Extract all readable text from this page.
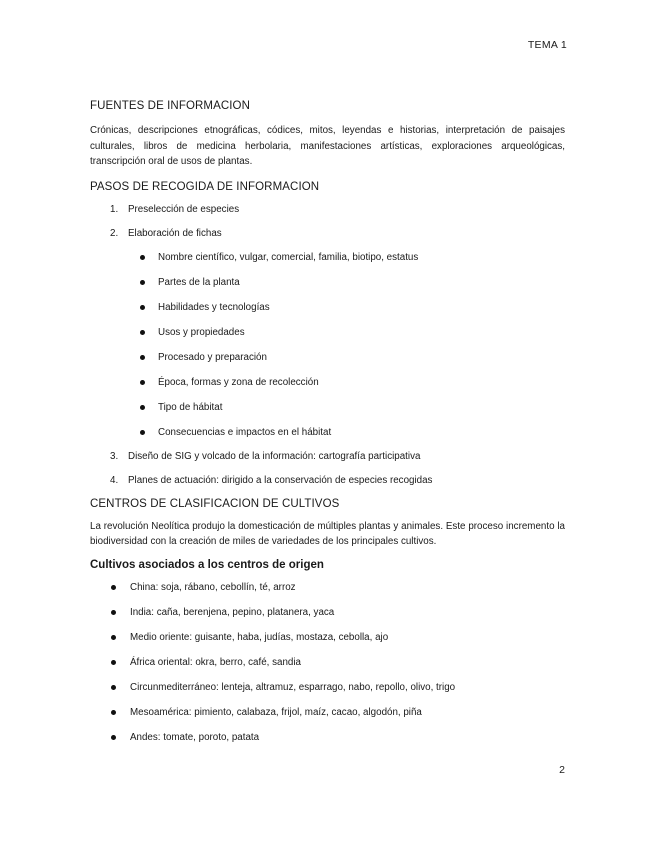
TEMA 1
FUENTES DE INFORMACION

Crónicas, descripciones etnográficas, códices, mitos, leyendas e historias, interpretación de paisajes culturales, libros de medicina herbolaria, manifestaciones artísticas, exploraciones arqueológicas, transcripción oral de usos de plantas.

PASOS DE RECOGIDA DE INFORMACION
1. Preselección de especies
2. Elaboración de fichas
Nombre científico, vulgar, comercial, familia, biotipo, estatus
Partes de la planta
Habilidades y tecnologías
Usos y propiedades
Procesado y preparación
Época, formas y zona de recolección
Tipo de hábitat
Consecuencias e impactos en el hábitat
3. Diseño de SIG y volcado de la información: cartografía participativa
4. Planes de actuación: dirigido a la conservación de especies recogidas
CENTROS DE CLASIFICACION DE CULTIVOS

La revolución Neolítica produjo la domesticación de múltiples plantas y animales. Este proceso incremento la biodiversidad con la creación de miles de variedades de los principales cultivos.

Cultivos asociados a los centros de origen
China: soja, rábano, cebollín, té, arroz
India: caña, berenjena, pepino, platanera, yaca
Medio oriente: guisante, haba, judías, mostaza, cebolla, ajo
África oriental: okra, berro, café, sandia
Circunmediterráneo: lenteja, altramuz, esparrago, nabo, repollo, olivo, trigo
Mesoamérica: pimiento, calabaza, frijol, maíz, cacao, algodón, piña
Andes: tomate, poroto, patata
2
